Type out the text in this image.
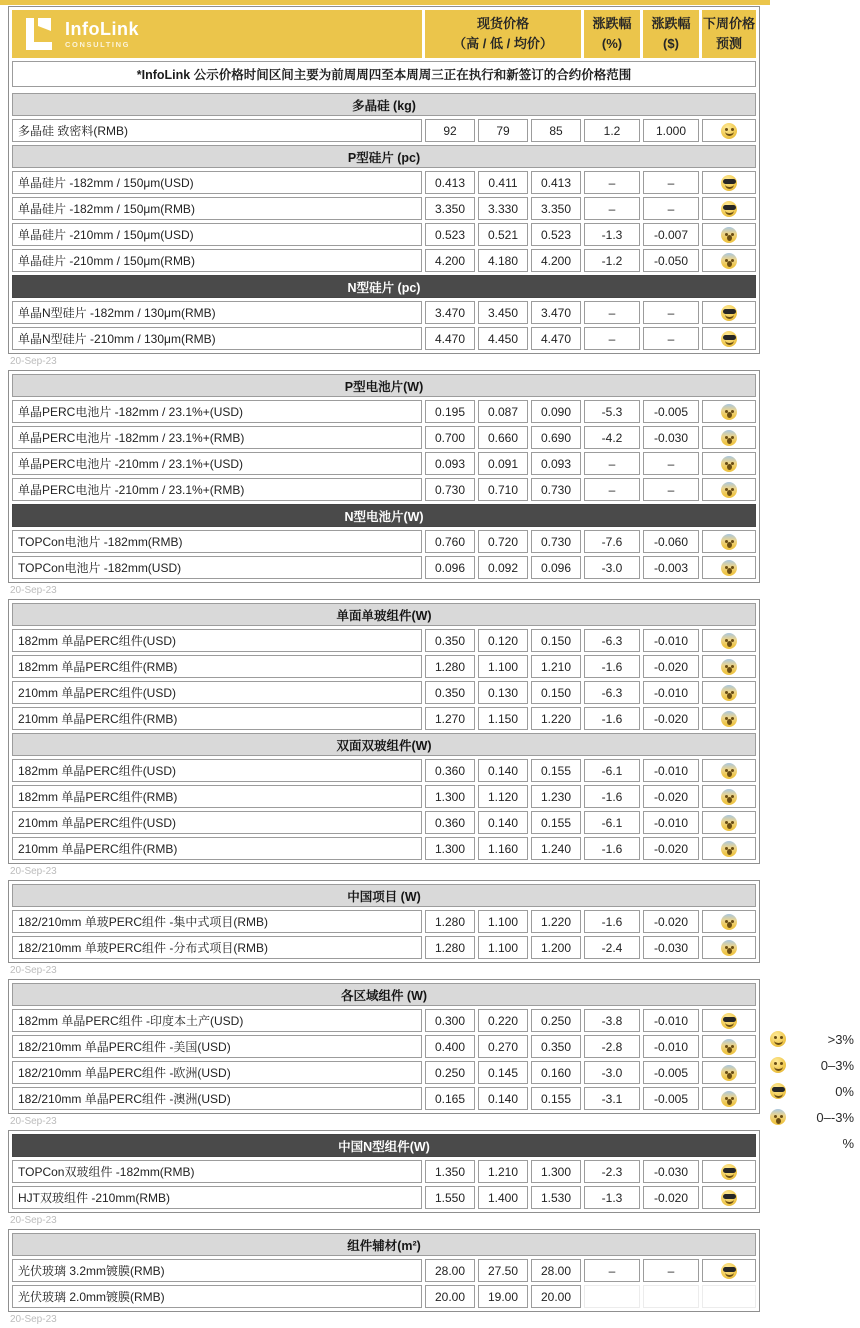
InfoLink
CONSULTING

现货价格
（高 / 低 / 均价）

涨跌幅
(%)

涨跌幅
($)

下周价格
预测

*InfoLink 公示价格时间区间主要为前周周四至本周周三正在执行和新签订的合约价格范围
多晶硅 (kg)						
多晶硅 致密料(RMB)	92	79	85	1.2	1.000	

P型硅片 (pc)						
单晶硅片 -182mm / 150μm(USD)	0.413	0.411	0.413	–	–	

单晶硅片 -182mm / 150μm(RMB)	3.350	3.330	3.350	–	–	

单晶硅片 -210mm / 150μm(USD)	0.523	0.521	0.523	-1.3	-0.007	

单晶硅片 -210mm / 150μm(RMB)	4.200	4.180	4.200	-1.2	-0.050	

N型硅片 (pc)						
单晶N型硅片 -182mm / 130μm(RMB)	3.470	3.450	3.470	–	–	

单晶N型硅片 -210mm / 130μm(RMB)	4.470	4.450	4.470	–	–	
20-Sep-23
P型电池片(W)						
单晶PERC电池片 -182mm / 23.1%+(USD)	0.195	0.087	0.090	-5.3	-0.005	

单晶PERC电池片 -182mm / 23.1%+(RMB)	0.700	0.660	0.690	-4.2	-0.030	

单晶PERC电池片 -210mm / 23.1%+(USD)	0.093	0.091	0.093	–	–	

单晶PERC电池片 -210mm / 23.1%+(RMB)	0.730	0.710	0.730	–	–	

N型电池片(W)						
TOPCon电池片 -182mm(RMB)	0.760	0.720	0.730	-7.6	-0.060	

TOPCon电池片 -182mm(USD)	0.096	0.092	0.096	-3.0	-0.003	
20-Sep-23
单面单玻组件(W)						
182mm 单晶PERC组件(USD)	0.350	0.120	0.150	-6.3	-0.010	

182mm 单晶PERC组件(RMB)	1.280	1.100	1.210	-1.6	-0.020	

210mm 单晶PERC组件(USD)	0.350	0.130	0.150	-6.3	-0.010	

210mm 单晶PERC组件(RMB)	1.270	1.150	1.220	-1.6	-0.020	

双面双玻组件(W)						
182mm 单晶PERC组件(USD)	0.360	0.140	0.155	-6.1	-0.010	

182mm 单晶PERC组件(RMB)	1.300	1.120	1.230	-1.6	-0.020	

210mm 单晶PERC组件(USD)	0.360	0.140	0.155	-6.1	-0.010	

210mm 单晶PERC组件(RMB)	1.300	1.160	1.240	-1.6	-0.020	
20-Sep-23
中国项目 (W)						
182/210mm 单玻PERC组件 -集中式项目(RMB)	1.280	1.100	1.220	-1.6	-0.020	

182/210mm 单玻PERC组件 -分布式项目(RMB)	1.280	1.100	1.200	-2.4	-0.030	
20-Sep-23
各区域组件 (W)						
182mm 单晶PERC组件 -印度本土产(USD)	0.300	0.220	0.250	-3.8	-0.010	

182/210mm 单晶PERC组件 -美国(USD)	0.400	0.270	0.350	-2.8	-0.010	

182/210mm 单晶PERC组件 -欧洲(USD)	0.250	0.145	0.160	-3.0	-0.005	

182/210mm 单晶PERC组件 -澳洲(USD)	0.165	0.140	0.155	-3.1	-0.005	
20-Sep-23
中国N型组件(W)						
TOPCon双玻组件 -182mm(RMB)	1.350	1.210	1.300	-2.3	-0.030	

HJT双玻组件 -210mm(RMB)	1.550	1.400	1.530	-1.3	-0.020	
20-Sep-23
组件辅材(m²)						
光伏玻璃 3.2mm镀膜(RMB)	28.00	27.50	28.00	–	–	

光伏玻璃 2.0mm镀膜(RMB)	20.00	19.00	20.00			
20-Sep-23
>3%
0–3%
0%
0–-3%
%
